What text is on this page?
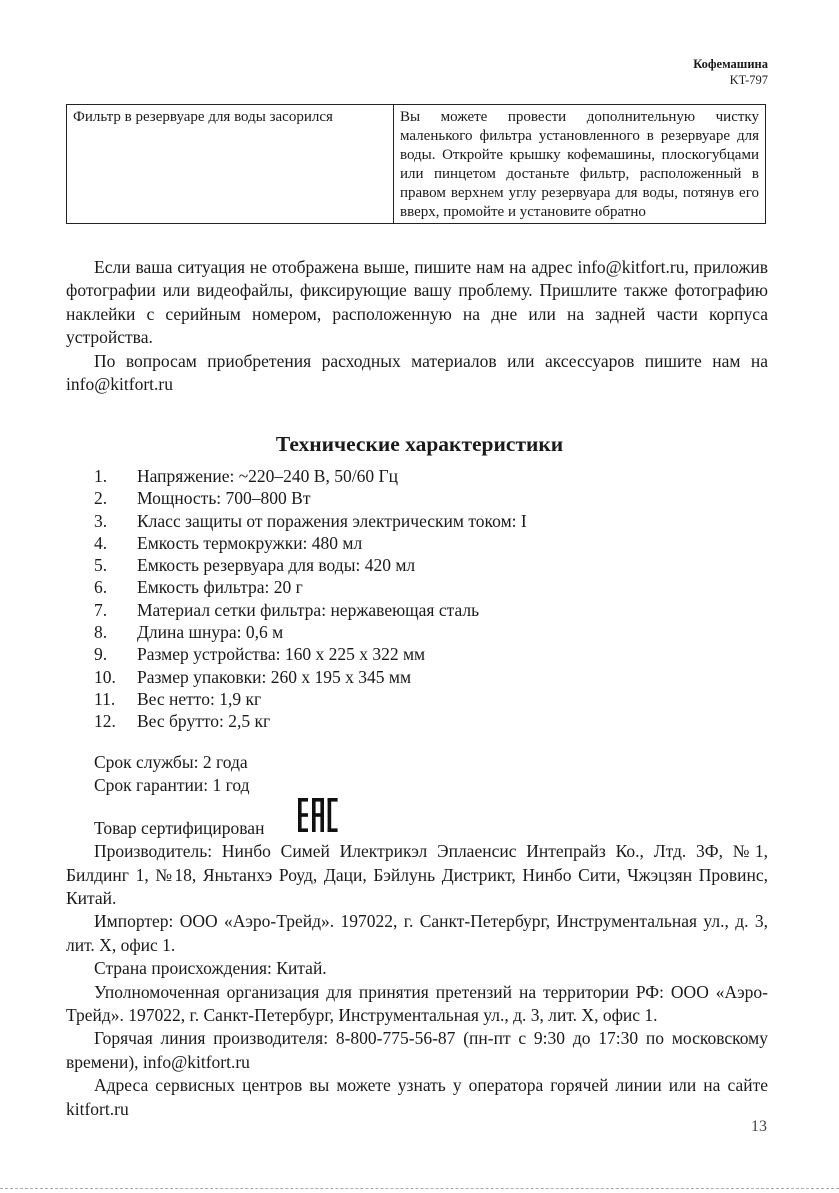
Кофемашина
KT-797
Фильтр в резервуаре для воды засорился	Вы можете провести дополнительную чистку маленького фильтра установленного в резервуаре для воды. Откройте крышку кофемашины, плоскогубцами или пинцетом достаньте фильтр, расположенный в правом верхнем углу резервуара для воды, потянув его вверх, промойте и установите обратно

Если ваша ситуация не отображена выше, пишите нам на адрес info@kitfort.ru, приложив фотографии или видеофайлы, фиксирующие вашу проблему. Пришлите также фотографию наклейки с серийным номером, расположенную на дне или на задней части корпуса устройства.

По вопросам приобретения расходных материалов или аксессуаров пишите нам на info@kitfort.ru

Технические характеристики
1.	Напряжение: ~220–240 В, 50/60 Гц
2.	Мощность: 700–800 Вт
3.	Класс защиты от поражения электрическим током: I
4.	Емкость термокружки: 480 мл
5.	Емкость резервуара для воды: 420 мл
6.	Емкость фильтра: 20 г
7.	Материал сетки фильтра: нержавеющая сталь
8.	Длина шнура: 0,6 м
9.	Размер устройства: 160 х 225 х 322 мм
10.	Размер упаковки: 260 х 195 х 345 мм
11.	Вес нетто: 1,9 кг
12.	Вес брутто: 2,5 кг

Срок службы: 2 года

Срок гарантии: 1 год

Товар сертифицирован

Производитель: Нинбо Симей Илектрикэл Эплаенсис Интепрайз Ко., Лтд. 3Ф, №1, Билдинг 1, №18, Яньтанхэ Роуд, Даци, Бэйлунь Дистрикт, Нинбо Сити, Чжэцзян Провинс, Китай.

Импортер: ООО «Аэро-Трейд». 197022, г. Санкт-Петербург, Инструментальная ул., д. 3, лит. Х, офис 1.

Страна происхождения: Китай.

Уполномоченная организация для принятия претензий на территории РФ: ООО «Аэро-Трейд». 197022, г. Санкт-Петербург, Инструментальная ул., д. 3, лит. Х, офис 1.

Горячая линия производителя: 8-800-775-56-87 (пн-пт с 9:30 до 17:30 по московскому времени), info@kitfort.ru

Адреса сервисных центров вы можете узнать у оператора горячей линии или на сайте kitfort.ru

13
